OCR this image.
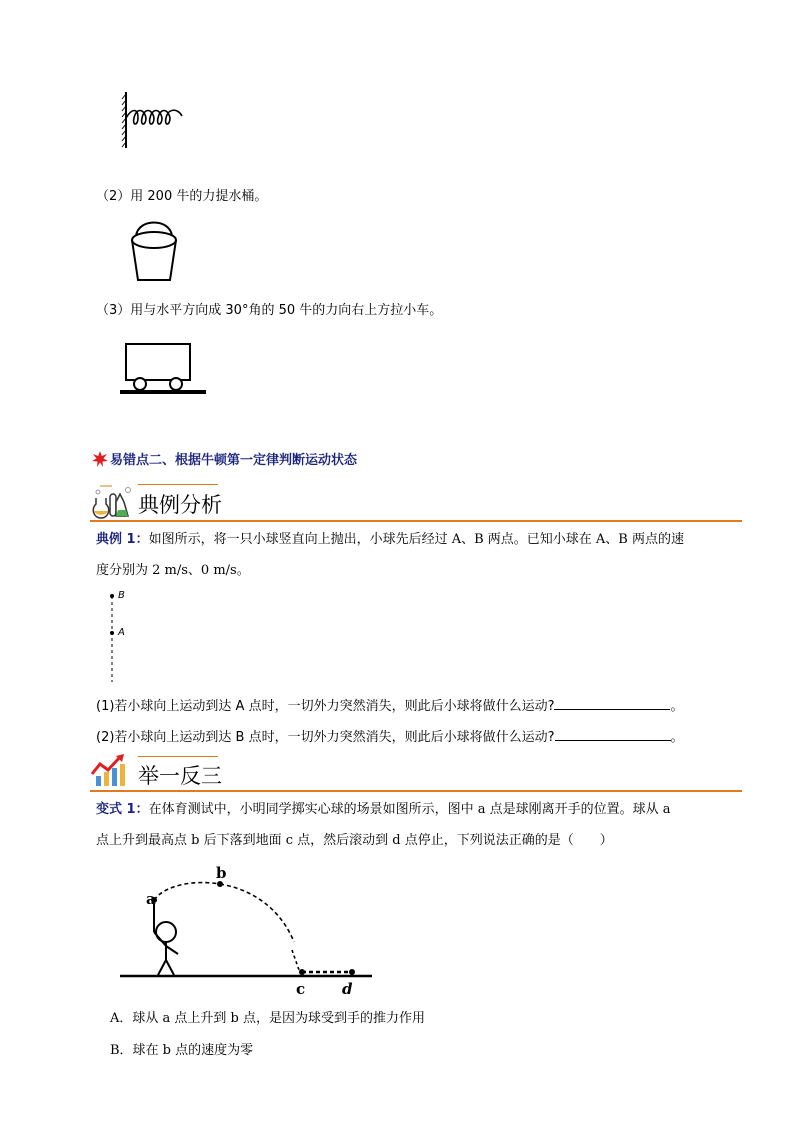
（2）用 200 牛的力提水桶。
（3）用与水平方向成 30°角的 50 牛的力向右上方拉小车。
易错点二、根据牛顿第一定律判断运动状态
典例分析
典例 1：如图所示，将一只小球竖直向上抛出，小球先后经过 A、B 两点。已知小球在 A、B 两点的速
度分别为 2 m/s、0 m/s。
B
A
(1)若小球向上运动到达 A 点时，一切外力突然消失，则此后小球将做什么运动?	。
(2)若小球向上运动到达 B 点时，一切外力突然消失，则此后小球将做什么运动?	。
举一反三
变式 1：在体育测试中，小明同学掷实心球的场景如图所示，图中 a 点是球刚离开手的位置。球从 a
点上升到最高点 b 后下落到地面 c 点，然后滚动到 d 点停止，下列说法正确的是（　　）
a
b
c d
A．球从 a 点上升到 b 点，是因为球受到手的推力作用
B．球在 b 点的速度为零
